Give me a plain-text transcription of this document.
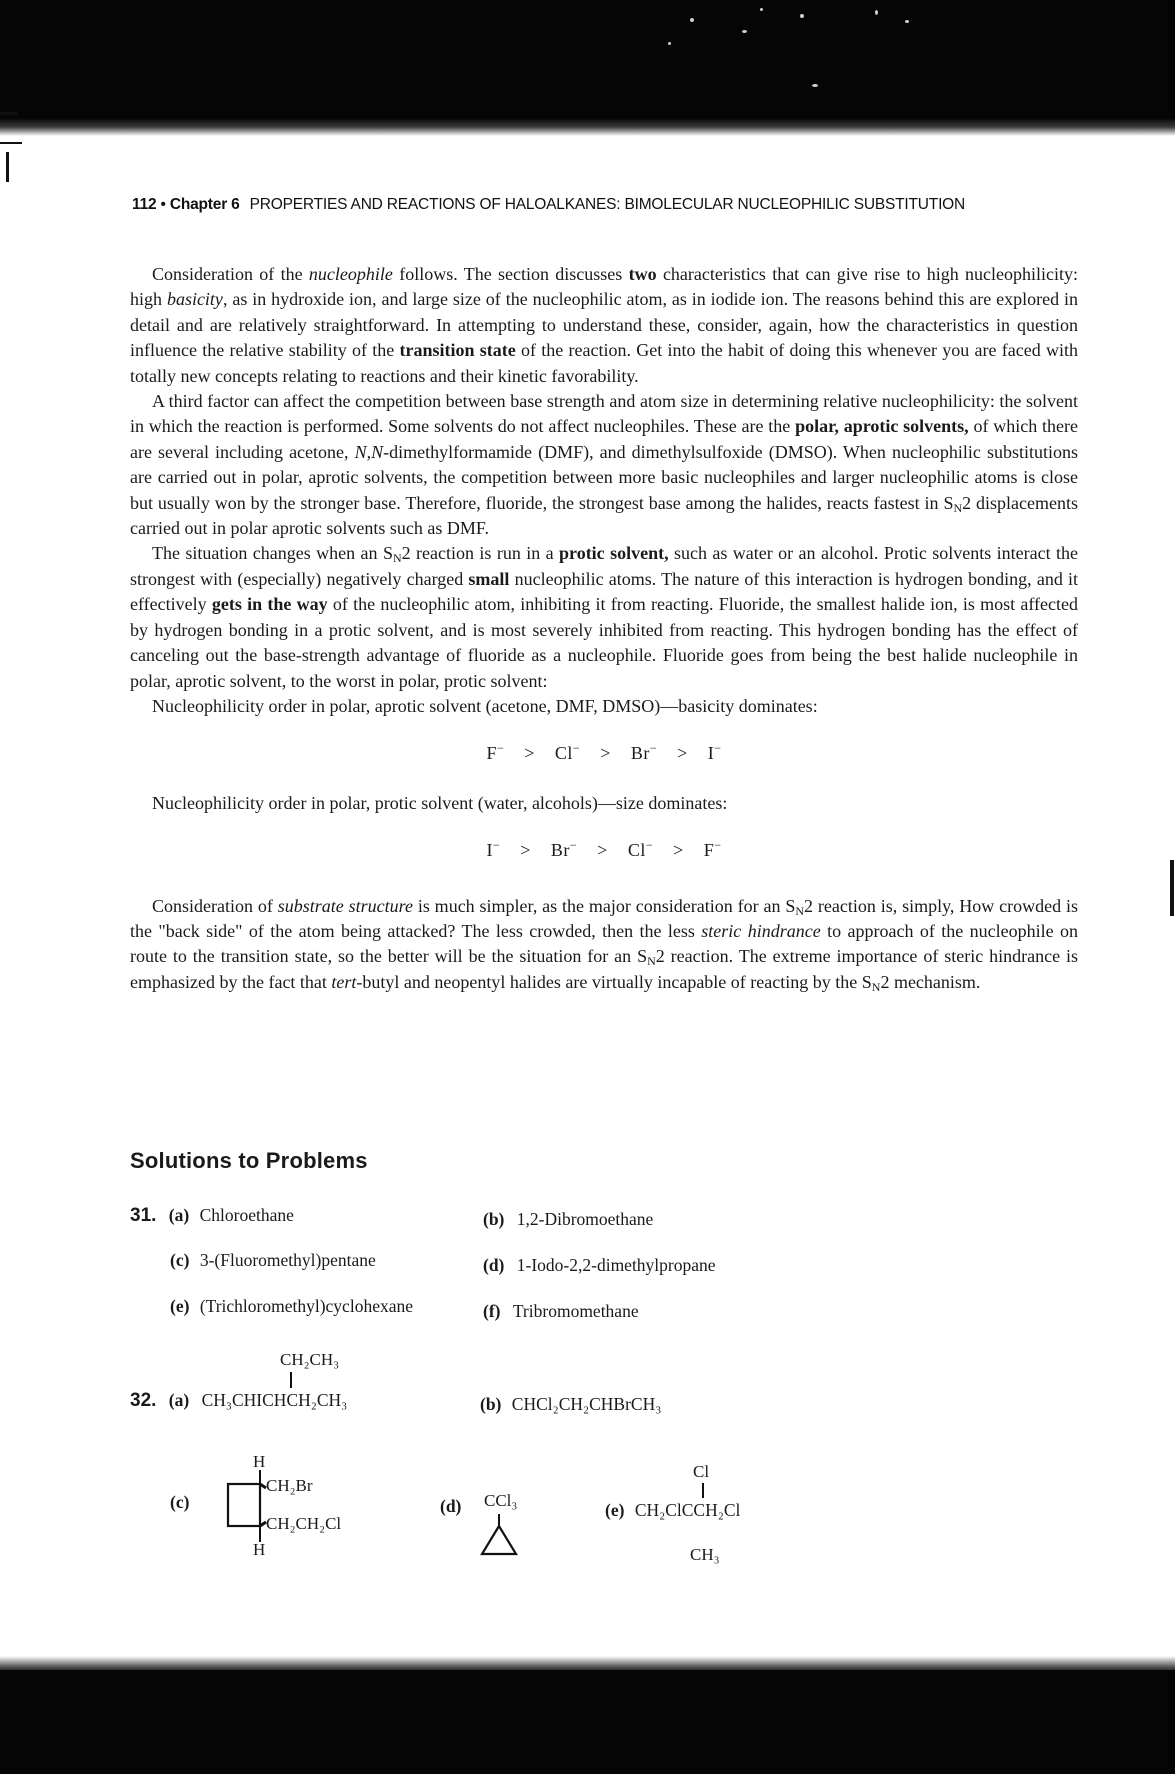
112 • Chapter 6 PROPERTIES AND REACTIONS OF HALOALKANES: BIMOLECULAR NUCLEOPHILIC SUBSTITUTION

Consideration of the nucleophile follows. The section discusses two characteristics that can give rise to high nucleophilicity: high basicity, as in hydroxide ion, and large size of the nucleophilic atom, as in iodide ion. The reasons behind this are explored in detail and are relatively straightforward. In attempting to understand these, consider, again, how the characteristics in question influence the relative stability of the transition state of the reaction. Get into the habit of doing this whenever you are faced with totally new concepts relating to reactions and their kinetic favorability.

A third factor can affect the competition between base strength and atom size in determining relative nucleophilicity: the solvent in which the reaction is performed. Some solvents do not affect nucleophiles. These are the polar, aprotic solvents, of which there are several including acetone, N,N-dimethylformamide (DMF), and dimethylsulfoxide (DMSO). When nucleophilic substitutions are carried out in polar, aprotic solvents, the competition between more basic nucleophiles and larger nucleophilic atoms is close but usually won by the stronger base. Therefore, fluoride, the strongest base among the halides, reacts fastest in $S_N2$ displacements carried out in polar aprotic solvents such as DMF.

The situation changes when an $S_N2$ reaction is run in a protic solvent, such as water or an alcohol. Protic solvents interact the strongest with (especially) negatively charged small nucleophilic atoms. The nature of this interaction is hydrogen bonding, and it effectively gets in the way of the nucleophilic atom, inhibiting it from reacting. Fluoride, the smallest halide ion, is most affected by hydrogen bonding in a protic solvent, and is most severely inhibited from reacting. This hydrogen bonding has the effect of canceling out the base-strength advantage of fluoride as a nucleophile. Fluoride goes from being the best halide nucleophile in polar, aprotic solvent, to the worst in polar, protic solvent:

Nucleophilicity order in polar, aprotic solvent (acetone, DMF, DMSO)—basicity dominates:

F− > Cl− > Br− > I−

Nucleophilicity order in polar, protic solvent (water, alcohols)—size dominates:

I− > Br− > Cl− > F−

Consideration of substrate structure is much simpler, as the major consideration for an $S_N2$ reaction is, simply, How crowded is the "back side" of the atom being attacked? The less crowded, then the less steric hindrance to approach of the nucleophile on route to the transition state, so the better will be the situation for an $S_N2$ reaction. The extreme importance of steric hindrance is emphasized by the fact that tert-butyl and neopentyl halides are virtually incapable of reacting by the $S_N2$ mechanism.

Solutions to Problems
31. (a) Chloroethane	(b) 1,2-Dibromoethane
(c) 3-(Fluoromethyl)pentane	(d) 1-Iodo-2,2-dimethylpropane
(e) (Trichloromethyl)cyclohexane	(f) Tribromomethane
CH₂CH₃
32. (a) CH₃CHICHCH₂CH₃	(b) CHCl₂CH₂CHBrCH₃
(c)
H
CH₂Br
CH₂CH₂Cl
H
(d) CCl₃
Cl
(e) CH₂ClCCH₂Cl
CH₃
